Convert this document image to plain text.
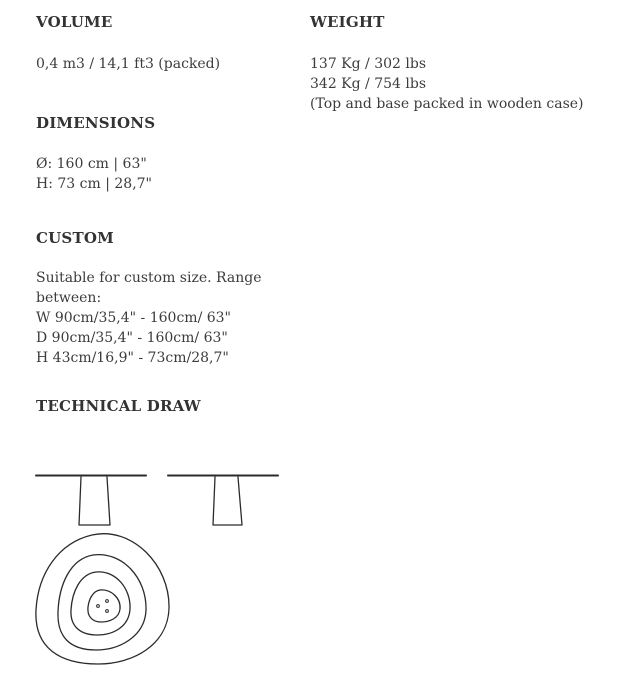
VOLUME

0,4 m3 / 14,1 ft3 (packed)

WEIGHT

137 Kg / 302 lbs
342 Kg / 754 lbs
(Top and base packed in wooden case)

DIMENSIONS

Ø: 160 cm | 63"
H: 73 cm | 28,7"

CUSTOM

Suitable for custom size. Range
between:
W 90cm/35,4" - 160cm/ 63"
D 90cm/35,4" - 160cm/ 63"
H 43cm/16,9" - 73cm/28,7"

TECHNICAL DRAW
